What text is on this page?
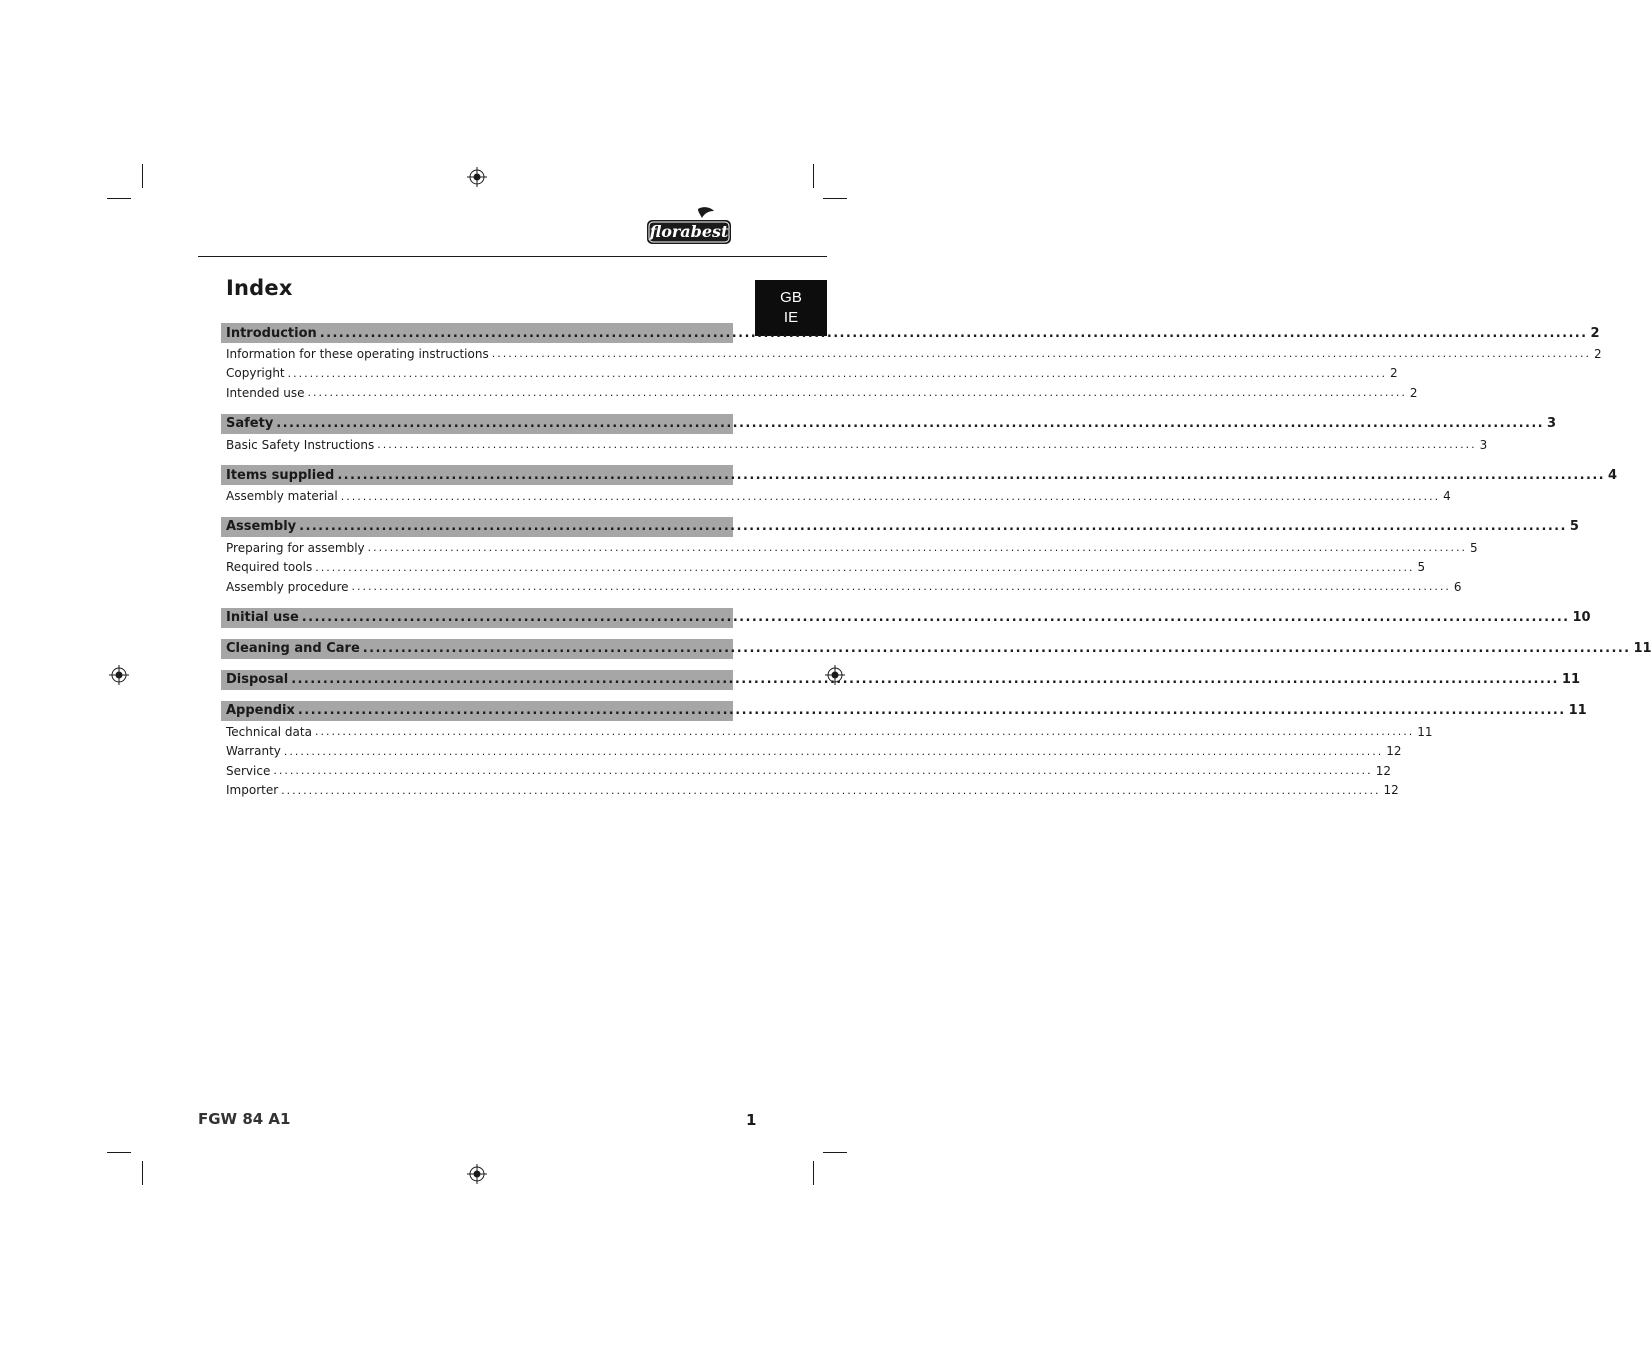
florabest
GB
IE
Index
Introduction ........................................................................................................................................................................................................ 2
Information for these operating instructions ........................................................................................................................................................................................................ 2
Copyright ........................................................................................................................................................................................................ 2
Intended use ........................................................................................................................................................................................................ 2
Safety ........................................................................................................................................................................................................ 3
Basic Safety Instructions ........................................................................................................................................................................................................ 3
Items supplied ........................................................................................................................................................................................................ 4
Assembly material ........................................................................................................................................................................................................ 4
Assembly ........................................................................................................................................................................................................ 5
Preparing for assembly ........................................................................................................................................................................................................ 5
Required tools ........................................................................................................................................................................................................ 5
Assembly procedure ........................................................................................................................................................................................................ 6
Initial use ........................................................................................................................................................................................................ 10
Cleaning and Care ........................................................................................................................................................................................................ 11
Disposal ........................................................................................................................................................................................................ 11
Appendix ........................................................................................................................................................................................................ 11
Technical data ........................................................................................................................................................................................................ 11
Warranty ........................................................................................................................................................................................................ 12
Service ........................................................................................................................................................................................................ 12
Importer ........................................................................................................................................................................................................ 12
FGW 84 A1	1
